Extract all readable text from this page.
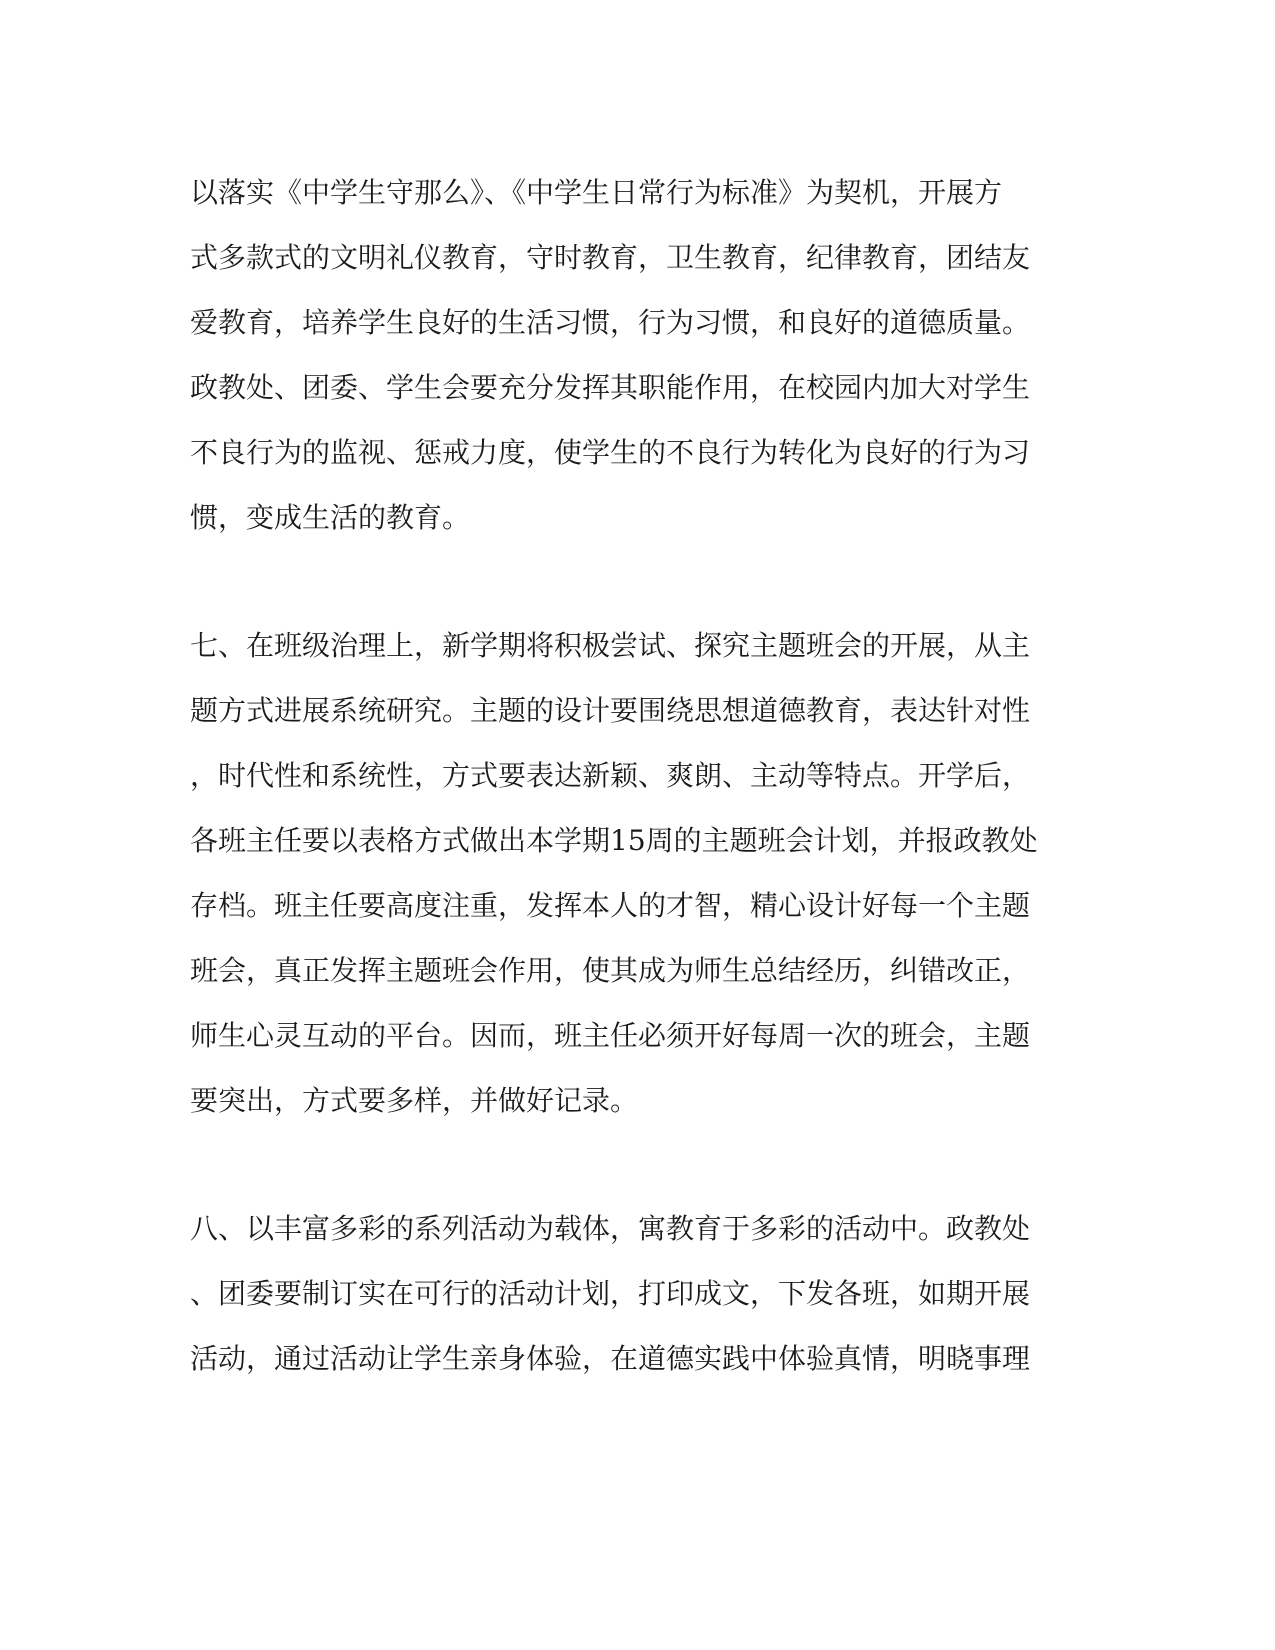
以落实《中学生守那么》、《中学生日常行为标准》为契机，开展方
式多款式的文明礼仪教育，守时教育，卫生教育，纪律教育，团结友
爱教育，培养学生良好的生活习惯，行为习惯，和良好的道德质量。
政教处、团委、学生会要充分发挥其职能作用，在校园内加大对学生
不良行为的监视、惩戒力度，使学生的不良行为转化为良好的行为习
惯，变成生活的教育。
七、在班级治理上，新学期将积极尝试、探究主题班会的开展，从主
题方式进展系统研究。主题的设计要围绕思想道德教育，表达针对性
，时代性和系统性，方式要表达新颖、爽朗、主动等特点。开学后，
各班主任要以表格方式做出本学期15周的主题班会计划，并报政教处
存档。班主任要高度注重，发挥本人的才智，精心设计好每一个主题
班会，真正发挥主题班会作用，使其成为师生总结经历，纠错改正，
师生心灵互动的平台。因而，班主任必须开好每周一次的班会，主题
要突出，方式要多样，并做好记录。
八、以丰富多彩的系列活动为载体，寓教育于多彩的活动中。政教处
、团委要制订实在可行的活动计划，打印成文，下发各班，如期开展
活动，通过活动让学生亲身体验，在道德实践中体验真情，明晓事理
